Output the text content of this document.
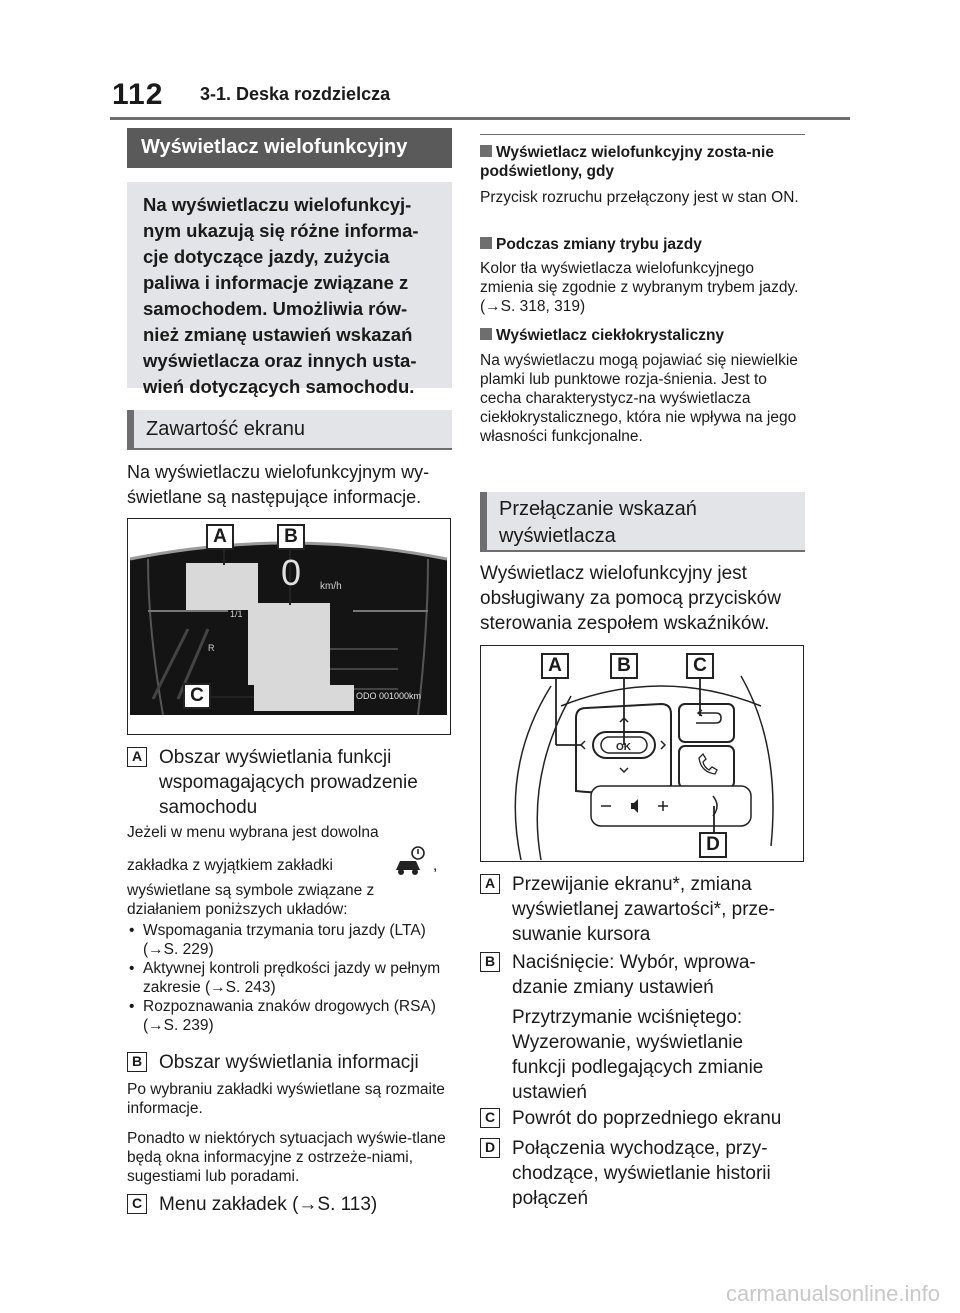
112 3-1. Deska rozdzielcza
Wyświetlacz wielofunkcyjny
Na wyświetlaczu wielofunkcyj-nym ukazują się różne informa-cje dotyczące jazdy, zużycia paliwa i informacje związane z samochodem. Umożliwia rów-nież zmianę ustawień wskazań wyświetlacza oraz innych usta-wień dotyczących samochodu.
Zawartość ekranu
Na wyświetlaczu wielofunkcyjnym wy-świetlane są następujące informacje.
0 km/h
1/1
R
ODO 001000km
A	B
C
A Obszar wyświetlania funkcji wspomagających prowadzenie samochodu
Jeżeli w menu wybrana jest dowolna
zakładka z wyjątkiem zakładki	,
wyświetlane są symbole związane z działaniem poniższych układów:
• Wspomagania trzymania toru jazdy (LTA) (→S. 229)
• Aktywnej kontroli prędkości jazdy w pełnym zakresie (→S. 243)
• Rozpoznawania znaków drogowych (RSA) (→S. 239)
B Obszar wyświetlania informacji
Po wybraniu zakładki wyświetlane są rozmaite informacje.
Ponadto w niektórych sytuacjach wyświe-tlane będą okna informacyjne z ostrzeże-niami, sugestiami lub poradami.
C Menu zakładek (→S. 113)
Wyświetlacz wielofunkcyjny zosta-nie podświetlony, gdy
Przycisk rozruchu przełączony jest w stan ON.
Podczas zmiany trybu jazdy
Kolor tła wyświetlacza wielofunkcyjnego zmienia się zgodnie z wybranym trybem jazdy. (→S. 318, 319)
Wyświetlacz ciekłokrystaliczny
Na wyświetlaczu mogą pojawiać się niewielkie plamki lub punktowe rozja-śnienia. Jest to cecha charakterystycz-na wyświetlacza ciekłokrystalicznego, która nie wpływa na jego własności funkcjonalne.
Przełączanie wskazań wyświetlacza
Wyświetlacz wielofunkcyjny jest obsługiwany za pomocą przycisków sterowania zespołem wskaźników.
OK
A	B	C
D
A Przewijanie ekranu*, zmiana wyświetlanej zawartości*, prze-suwanie kursora
B Naciśnięcie: Wybór, wprowa-dzanie zmiany ustawień
Przytrzymanie wciśniętego: Wyzerowanie, wyświetlanie funkcji podlegających zmianie ustawień
C Powrót do poprzedniego ekranu
D Połączenia wychodzące, przy-chodzące, wyświetlanie historii połączeń
carmanualsonline.info
